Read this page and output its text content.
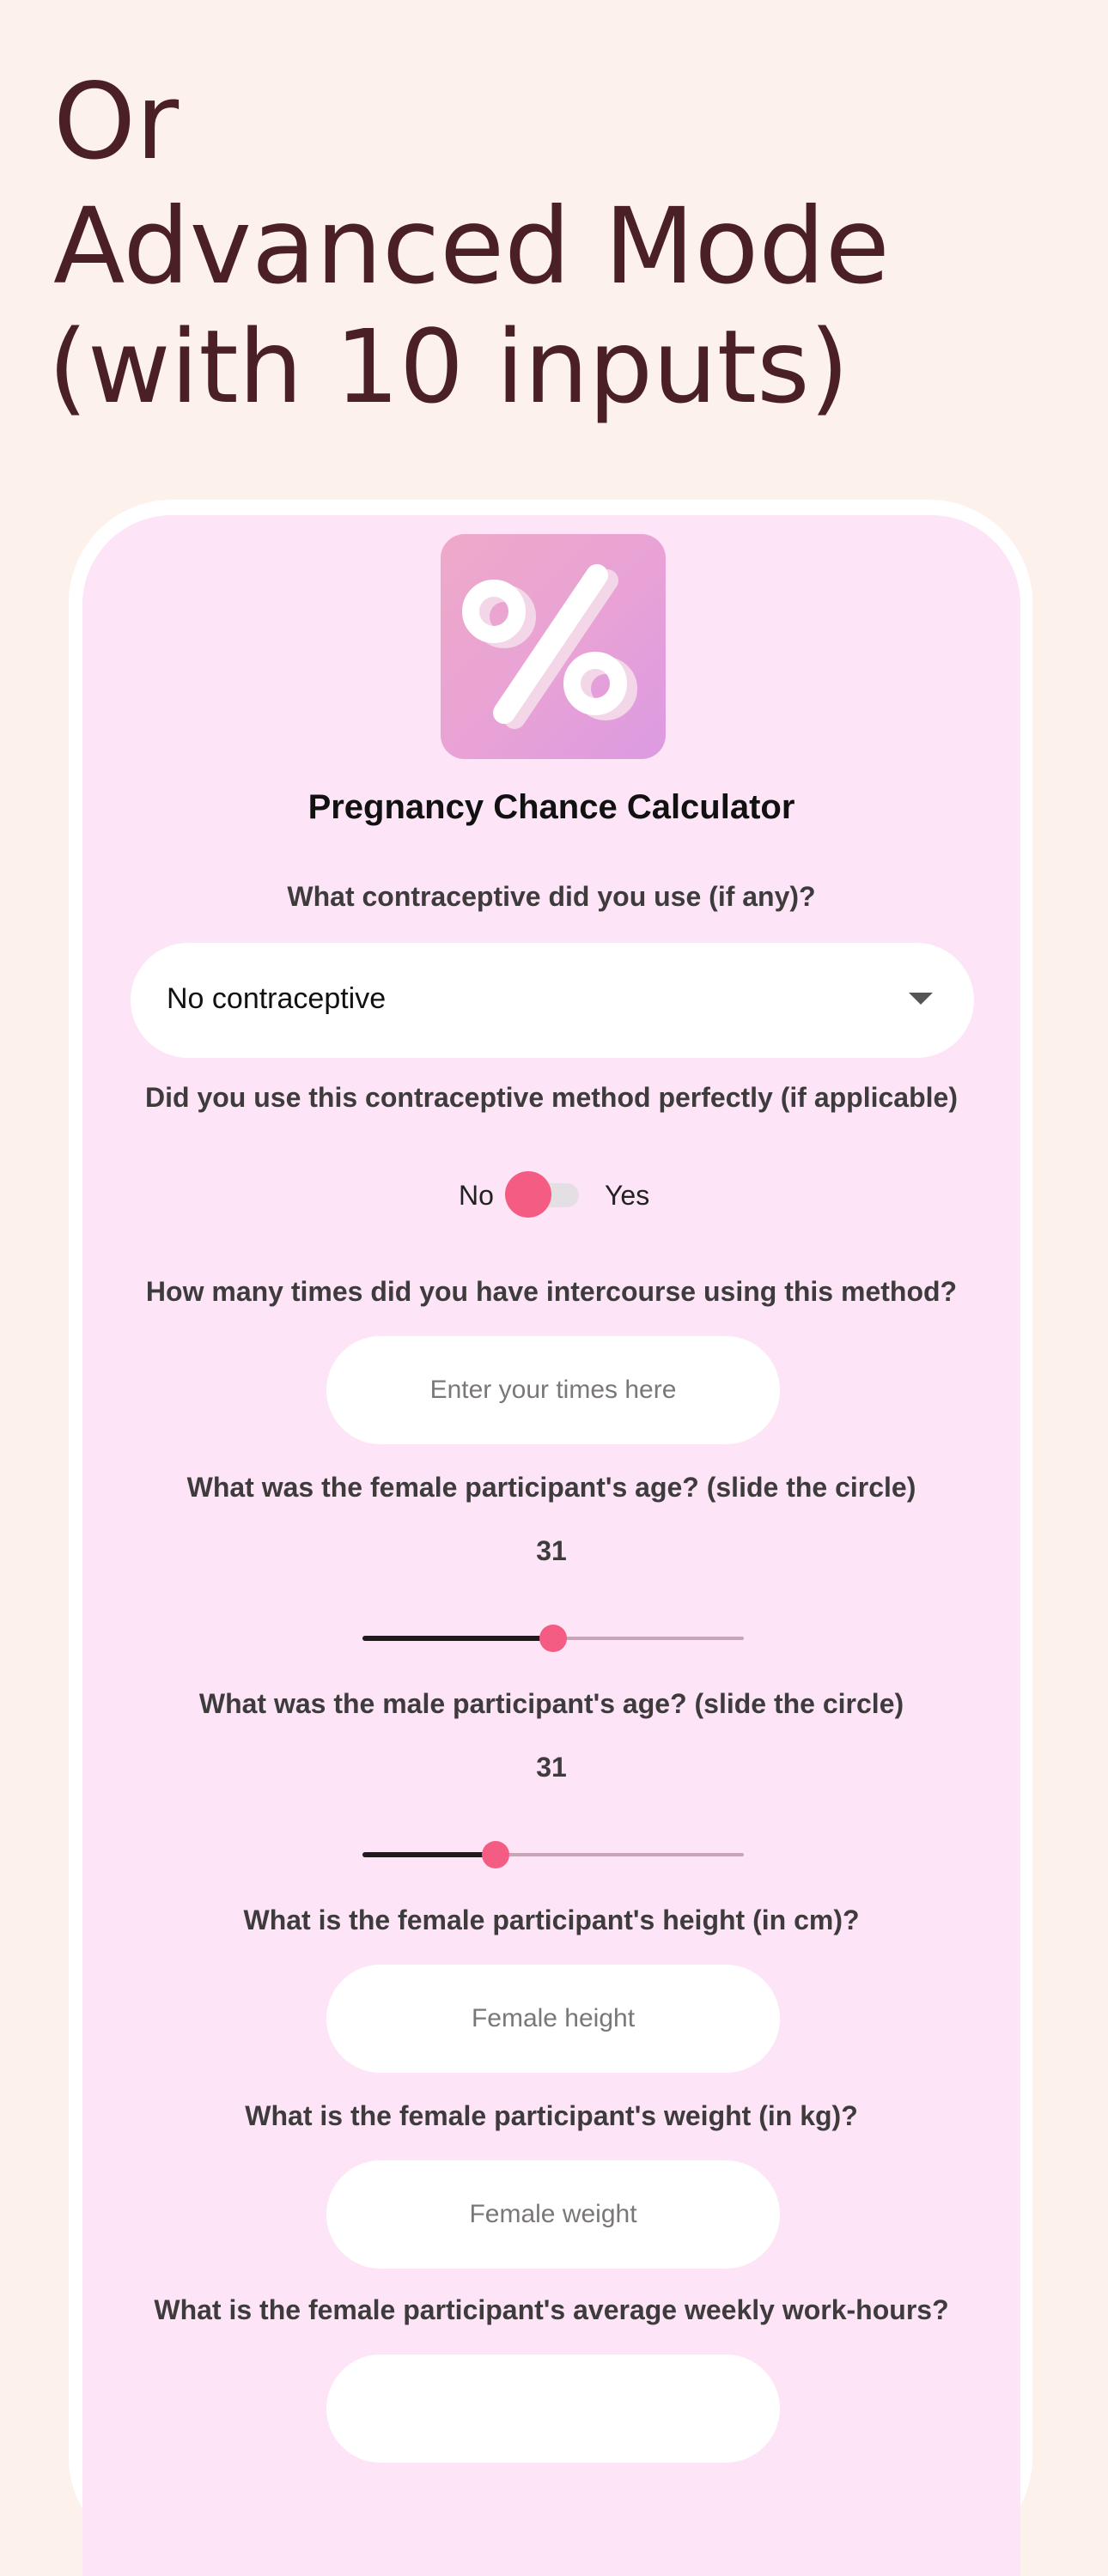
Or
Advanced Mode
(with 10 inputs)
Pregnancy Chance Calculator
What contraceptive did you use (if any)?
No contraceptive
Did you use this contraceptive method perfectly (if applicable)
No	Yes
How many times did you have intercourse using this method?
Enter your times here
What was the female participant's age? (slide the circle)
31
What was the male participant's age? (slide the circle)
31
What is the female participant's height (in cm)?
Female height
What is the female participant's weight (in kg)?
Female weight
What is the female participant's average weekly work-hours?
